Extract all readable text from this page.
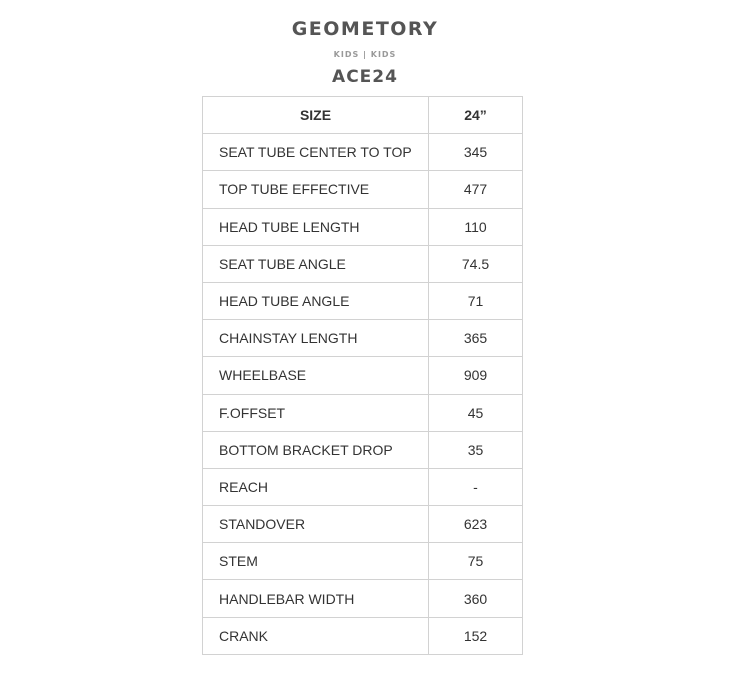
GEOMETORY
KIDS | KIDS
ACE24
SIZE	24”
SEAT TUBE CENTER TO TOP	345
TOP TUBE EFFECTIVE	477
HEAD TUBE LENGTH	110
SEAT TUBE ANGLE	74.5
HEAD TUBE ANGLE	71
CHAINSTAY LENGTH	365
WHEELBASE	909
F.OFFSET	45
BOTTOM BRACKET DROP	35
REACH	-
STANDOVER	623
STEM	75
HANDLEBAR WIDTH	360
CRANK	152
